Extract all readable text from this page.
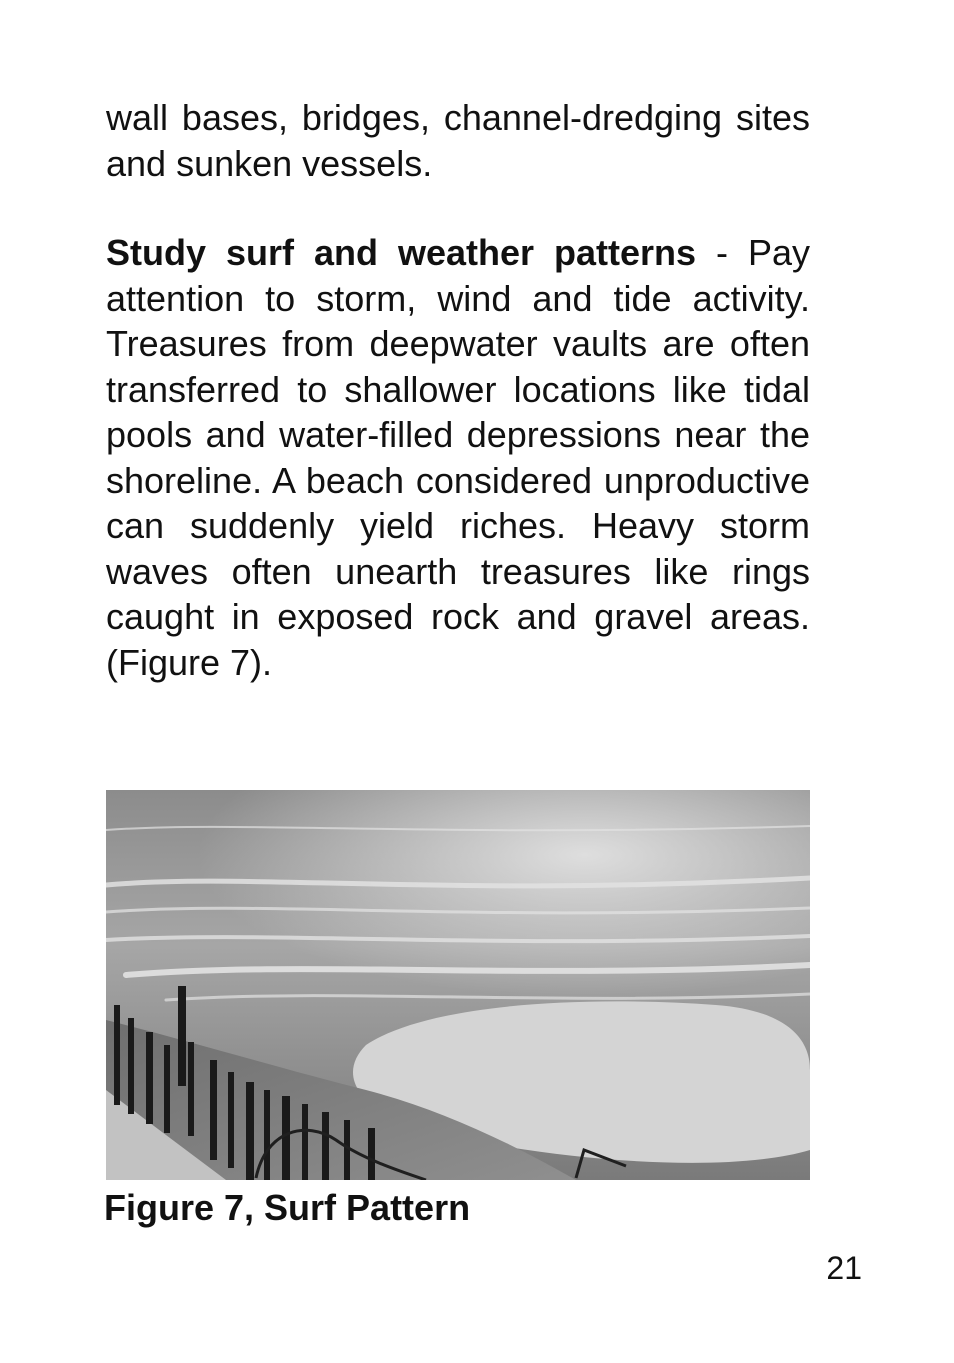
wall bases, bridges, channel-dredging sites and sunken vessels.

Study surf and weather patterns - Pay attention to storm, wind and tide activity. Treasures from deepwater vaults are often transferred to shallower locations like tidal pools and water-filled depressions near the shoreline. A beach considered unproductive can suddenly yield riches. Heavy storm waves often unearth treasures like rings caught in exposed rock and gravel areas. (Figure 7).

Figure 7, Surf Pattern

21
